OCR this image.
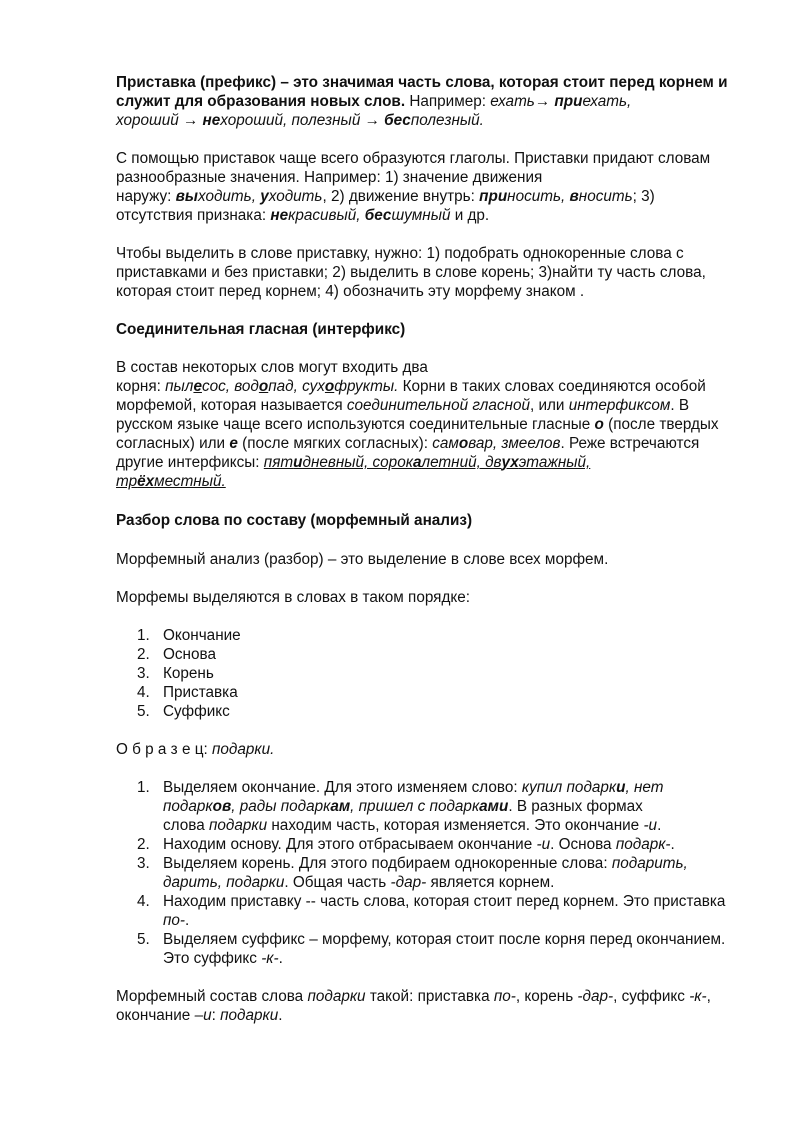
Приставка (префикс) – это значимая часть слова, которая стоит перед корнем и служит для образования новых слов. Например: ехать→ приехать,
хороший → нехороший, полезный → бесполезный.

С помощью приставок чаще всего образуются глаголы. Приставки придают словам разнообразные значения. Например: 1) значение движения
наружу: выходить, уходить, 2) движение внутрь: приносить, вносить; 3)
отсутствия признака: некрасивый, бесшумный и др.

Чтобы выделить в слове приставку, нужно: 1) подобрать однокоренные слова с приставками и без приставки; 2) выделить в слове корень; 3)найти ту часть слова, которая стоит перед корнем; 4) обозначить эту морфему знаком .

Соединительная гласная (интерфикс)

В состав некоторых слов могут входить два
корня: пылесос, водопад, сухофрукты. Корни в таких словах соединяются особой морфемой, которая называется соединительной гласной, или интерфиксом. В русском языке чаще всего используются соединительные гласные о (после твердых согласных) или е (после мягких согласных): самовар, змеелов. Реже встречаются другие интерфиксы: пятидневный, сорокалетний, двухэтажный,
трёхместный.

Разбор слова по составу (морфемный анализ)

Морфемный анализ (разбор) – это выделение в слове всех морфем.

Морфемы выделяются в словах в таком порядке:

1. Окончание
2. Основа
3. Корень
4. Приставка
5. Суффикс

О б р а з е ц: подарки.

1. Выделяем окончание. Для этого изменяем слово: купил подарки, нет
подарков, рады подаркам, пришел с подарками. В разных формах
слова подарки находим часть, которая изменяется. Это окончание -и.
2. Находим основу. Для этого отбрасываем окончание -и. Основа подарк-.
3. Выделяем корень. Для этого подбираем однокоренные слова: подарить,
дарить, подарки. Общая часть -дар- является корнем.
4. Находим приставку -- часть слова, которая стоит перед корнем. Это приставка по-.
5. Выделяем суффикс – морфему, которая стоит после корня перед окончанием. Это суффикс -к-.

Морфемный состав слова подарки такой: приставка по-, корень -дар-, суффикс -к-,
окончание –и: подарки.
